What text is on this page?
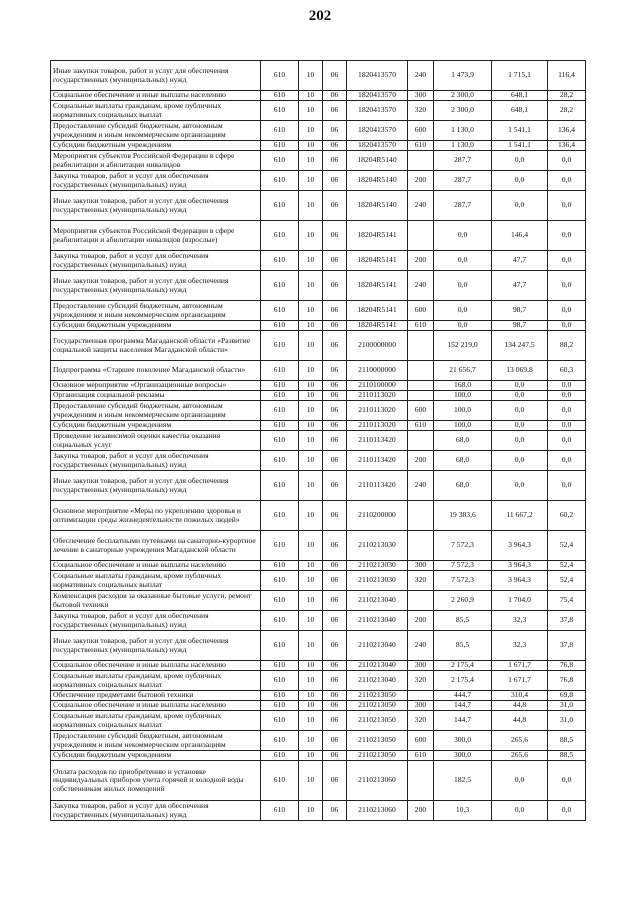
202
Иные закупки товаров, работ и услуг для обеспечения государственных (муниципальных) нужд	610	10	06	1820413570	240	1 473,9	1 715,1	116,4
Социальное обеспечение и иные выплаты населению	610	10	06	1820413570	300	2 300,0	648,1	28,2
Социальные выплаты гражданам, кроме публичных нормативных социальных выплат	610	10	06	1820413570	320	2 300,0	648,1	28,2
Предоставление субсидий бюджетным, автономным учреждениям и иным некоммерческим организациям	610	10	06	1820413570	600	1 130,0	1 541,1	136,4
Субсидии бюджетным учреждениям	610	10	06	1820413570	610	1 130,0	1 541,1	136,4
Мероприятия субъектов Российской Федерации в сфере реабилитации и абилитации инвалидов	610	10	06	18204R5140		287,7	0,0	0,0
Закупка товаров, работ и услуг для обеспечения государственных (муниципальных) нужд	610	10	06	18204R5140	200	287,7	0,0	0,0
Иные закупки товаров, работ и услуг для обеспечения государственных (муниципальных) нужд	610	10	06	18204R5140	240	287,7	0,0	0,0
Мероприятия субъектов Российской Федерации в сфере реабилитации и абилитации инвалидов (взрослые)	610	10	06	18204R5141		0,0	146,4	0,0
Закупка товаров, работ и услуг для обеспечения государственных (муниципальных) нужд	610	10	06	18204R5141	200	0,0	47,7	0,0
Иные закупки товаров, работ и услуг для обеспечения государственных (муниципальных) нужд	610	10	06	18204R5141	240	0,0	47,7	0,0
Предоставление субсидий бюджетным, автономным учреждениям и иным некоммерческим организациям	610	10	06	18204R5141	600	0,0	98,7	0,0
Субсидии бюджетным учреждениям	610	10	06	18204R5141	610	0,0	98,7	0,0
Государственная программа Магаданской области «Развитие социальной защиты населения Магаданской области»	610	10	06	2100000000		152 219,0	134 247,5	88,2
Подпрограмма «Старшее поколение Магаданской области»	610	10	06	2110000000		21 656,7	13 069,8	60,3
Основное мероприятие «Организационные вопросы»	610	10	06	2110100000		168,0	0,0	0,0
Организация социальной рекламы	610	10	06	2110113020		100,0	0,0	0,0
Предоставление субсидий бюджетным, автономным учреждениям и иным некоммерческим организациям	610	10	06	2110113020	600	100,0	0,0	0,0
Субсидии бюджетным учреждениям	610	10	06	2110113020	610	100,0	0,0	0,0
Проведение независимой оценки качества оказания социальных услуг	610	10	06	2110113420		68,0	0,0	0,0
Закупка товаров, работ и услуг для обеспечения государственных (муниципальных) нужд	610	10	06	2110113420	200	68,0	0,0	0,0
Иные закупки товаров, работ и услуг для обеспечения государственных (муниципальных) нужд	610	10	06	2110113420	240	68,0	0,0	0,0
Основное мероприятие «Меры по укреплению здоровья и оптимизации среды жизнедеятельности пожилых людей»	610	10	06	2110200000		19 383,6	11 667,2	60,2
Обеспечение бесплатными путевками на санаторно-курортное лечение в санаторные учреждения Магаданской области	610	10	06	2110213030		7 572,3	3 964,3	52,4
Социальное обеспечение и иные выплаты населению	610	10	06	2110213030	300	7 572,3	3 964,3	52,4
Социальные выплаты гражданам, кроме публичных нормативных социальных выплат	610	10	06	2110213030	320	7 572,3	3 964,3	52,4
Компенсация расходов за оказанные бытовые услуги, ремонт бытовой техники	610	10	06	2110213040		2 260,9	1 704,0	75,4
Закупка товаров, работ и услуг для обеспечения государственных (муниципальных) нужд	610	10	06	2110213040	200	85,5	32,3	37,8
Иные закупки товаров, работ и услуг для обеспечения государственных (муниципальных) нужд	610	10	06	2110213040	240	85,5	32,3	37,8
Социальное обеспечение и иные выплаты населению	610	10	06	2110213040	300	2 175,4	1 671,7	76,8
Социальные выплаты гражданам, кроме публичных нормативных социальных выплат	610	10	06	2110213040	320	2 175,4	1 671,7	76,8
Обеспечение предметами бытовой техники	610	10	06	2110213050		444,7	310,4	69,8
Социальное обеспечение и иные выплаты населению	610	10	06	2110213050	300	144,7	44,8	31,0
Социальные выплаты гражданам, кроме публичных нормативных социальных выплат	610	10	06	2110213050	320	144,7	44,8	31,0
Предоставление субсидий бюджетным, автономным учреждениям и иным некоммерческим организациям	610	10	06	2110213050	600	300,0	265,6	88,5
Субсидии бюджетным учреждениям	610	10	06	2110213050	610	300,0	265,6	88,5
Оплата расходов по приобретению и установке индивидуальных приборов учета горячей и холодной воды собственникам жилых помещений	610	10	06	2110213060		182,5	0,0	0,0
Закупка товаров, работ и услуг для обеспечения государственных (муниципальных) нужд	610	10	06	2110213060	200	10,3	0,0	0,0
